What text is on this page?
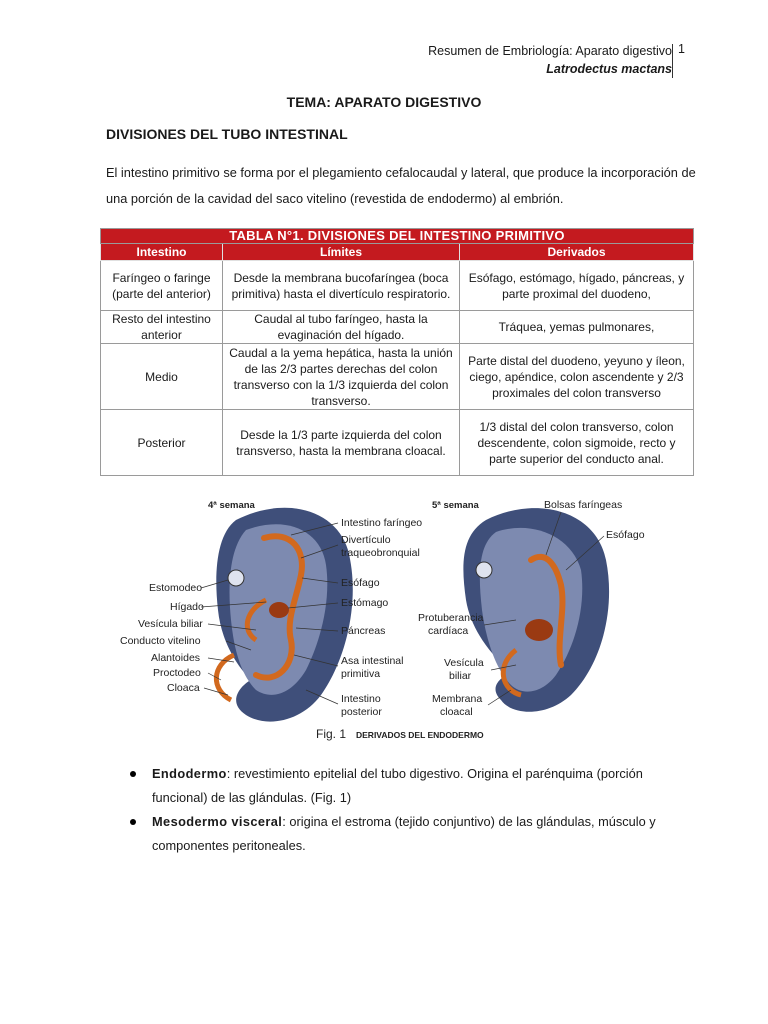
Resumen de Embriología: Aparato digestivo
Latrodectus mactans
1
TEMA: APARATO DIGESTIVO
DIVISIONES DEL TUBO INTESTINAL
El intestino primitivo se forma por el plegamiento cefalocaudal y lateral, que produce la incorporación de una porción de la cavidad del saco vitelino (revestida de endodermo) al embrión.
TABLA N°1. DIVISIONES DEL INTESTINO PRIMITIVO		
Intestino	Límites	Derivados
Faríngeo o faringe (parte del anterior)	Desde la membrana bucofaríngea (boca primitiva) hasta el divertículo respiratorio.	Esófago, estómago, hígado, páncreas, y parte proximal del duodeno,
Resto del intestino anterior	Caudal al tubo faríngeo, hasta la evaginación del hígado.	Tráquea, yemas pulmonares,
Medio	Caudal a la yema hepática, hasta la unión de las 2/3 partes derechas del colon transverso con la 1/3 izquierda del colon transverso.	Parte distal del duodeno, yeyuno y íleon, ciego, apéndice, colon ascendente y 2/3 proximales del colon transverso
Posterior	Desde la 1/3 parte izquierda del colon transverso, hasta la membrana cloacal.	1/3 distal del colon transverso, colon descendente, colon sigmoide, recto y parte superior del conducto anal.
4ª semana
Estomodeo
Hígado
Vesícula biliar
Conducto vitelino
Alantoides
Proctodeo
Cloaca
Intestino faríngeo
Divertículo
traqueobronquial
Esófago
Estómago
Páncreas
Asa intestinal
primitiva
Intestino
posterior
5ª semana	Bolsas faríngeas
Esófago
Protuberancia
cardíaca
Vesícula
biliar
Membrana
cloacal
Fig. 1 DERIVADOS DEL ENDODERMO
Endodermo: revestimiento epitelial del tubo digestivo. Origina el parénquima (porción funcional) de las glándulas. (Fig. 1)
Mesodermo visceral: origina el estroma (tejido conjuntivo) de las glándulas, músculo y componentes peritoneales.
